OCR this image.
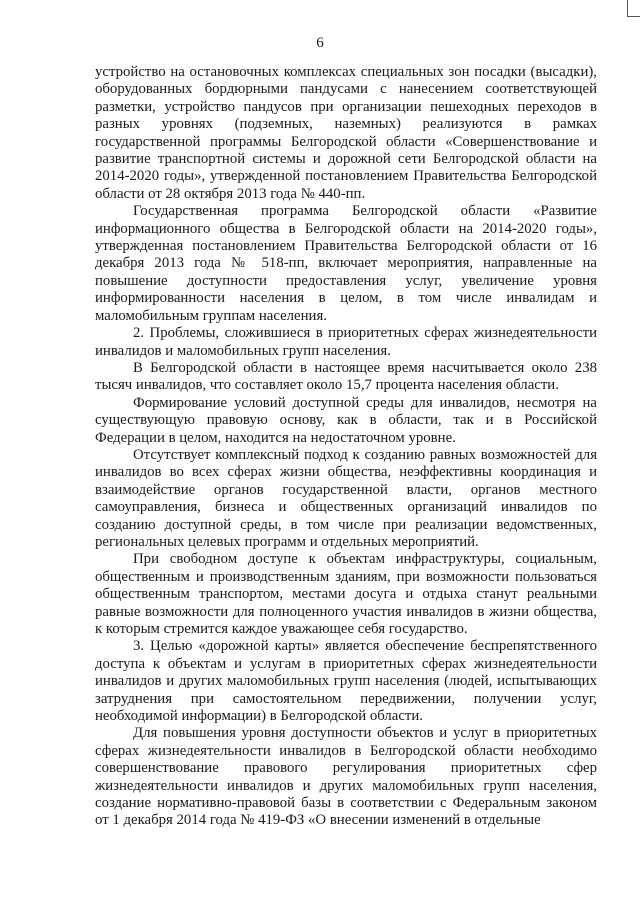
6

устройство на остановочных комплексах специальных зон посадки (высадки), оборудованных бордюрными пандусами с нанесением соответствующей разметки, устройство пандусов при организации пешеходных переходов в разных уровнях (подземных, наземных) реализуются в рамках государственной программы Белгородской области «Совершенствование и развитие транспортной системы и дорожной сети Белгородской области на 2014-2020 годы», утвержденной постановлением Правительства Белгородской области от 28 октября 2013 года № 440-пп.

Государственная программа Белгородской области «Развитие информационного общества в Белгородской области на 2014-2020 годы», утвержденная постановлением Правительства Белгородской области от 16 декабря 2013 года № 518-пп, включает мероприятия, направленные на повышение доступности предоставления услуг, увеличение уровня информированности населения в целом, в том числе инвалидам и маломобильным группам населения.

2. Проблемы, сложившиеся в приоритетных сферах жизнедеятельности инвалидов и маломобильных групп населения.

В Белгородской области в настоящее время насчитывается около 238 тысяч инвалидов, что составляет около 15,7 процента населения области.

Формирование условий доступной среды для инвалидов, несмотря на существующую правовую основу, как в области, так и в Российской Федерации в целом, находится на недостаточном уровне.

Отсутствует комплексный подход к созданию равных возможностей для инвалидов во всех сферах жизни общества, неэффективны координация и взаимодействие органов государственной власти, органов местного самоуправления, бизнеса и общественных организаций инвалидов по созданию доступной среды, в том числе при реализации ведомственных, региональных целевых программ и отдельных мероприятий.

При свободном доступе к объектам инфраструктуры, социальным, общественным и производственным зданиям, при возможности пользоваться общественным транспортом, местами досуга и отдыха станут реальными равные возможности для полноценного участия инвалидов в жизни общества, к которым стремится каждое уважающее себя государство.

3. Целью «дорожной карты» является обеспечение беспрепятственного доступа к объектам и услугам в приоритетных сферах жизнедеятельности инвалидов и других маломобильных групп населения (людей, испытывающих затруднения при самостоятельном передвижении, получении услуг, необходимой информации) в Белгородской области.

Для повышения уровня доступности объектов и услуг в приоритетных сферах жизнедеятельности инвалидов в Белгородской области необходимо совершенствование правового регулирования приоритетных сфер жизнедеятельности инвалидов и других маломобильных групп населения, создание нормативно-правовой базы в соответствии с Федеральным законом от 1 декабря 2014 года № 419-ФЗ «О внесении изменений в отдельные
